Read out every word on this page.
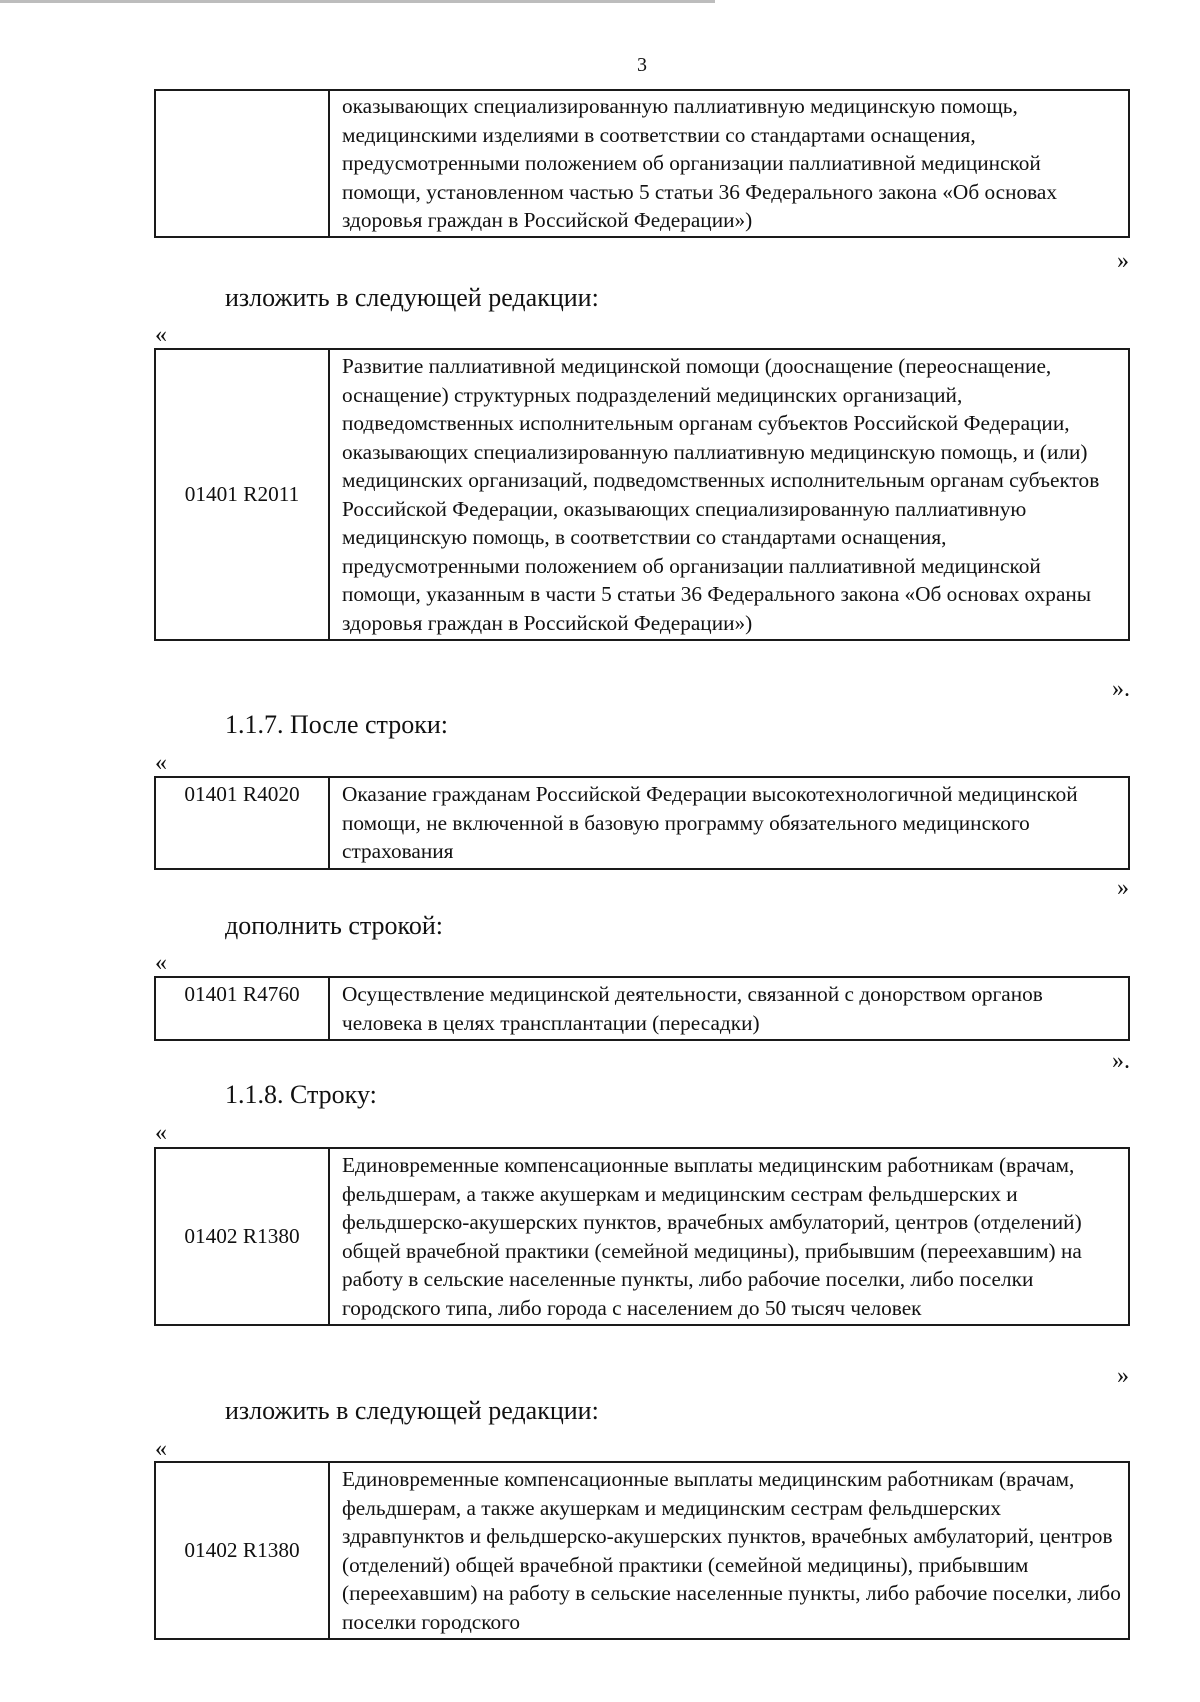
3
	оказывающих специализированную паллиативную медицинскую помощь, медицинскими изделиями в соответствии со стандартами оснащения, предусмотренными положением об организации паллиативной медицинской помощи, установленном частью 5 статьи 36 Федерального закона «Об основах здоровья граждан в Российской Федерации»)
»
изложить в следующей редакции:
«
01401 R2011	Развитие паллиативной медицинской помощи (дооснащение (переоснащение, оснащение) структурных подразделений медицинских организаций, подведомственных исполнительным органам субъектов Российской Федерации, оказывающих специализированную паллиативную медицинскую помощь, и (или) медицинских организаций, подведомственных исполнительным органам субъектов Российской Федерации, оказывающих специализированную паллиативную медицинскую помощь, в соответствии со стандартами оснащения, предусмотренными положением об организации паллиативной медицинской помощи, указанным в части 5 статьи 36 Федерального закона «Об основах охраны здоровья граждан в Российской Федерации»)
».
1.1.7. После строки:
«
01401 R4020	Оказание гражданам Российской Федерации высокотехнологичной медицинской помощи, не включенной в базовую программу обязательного медицинского страхования
»
дополнить строкой:
«
01401 R4760	Осуществление медицинской деятельности, связанной с донорством органов человека в целях трансплантации (пересадки)
».
1.1.8. Строку:
«
01402 R1380	Единовременные компенсационные выплаты медицинским работникам (врачам, фельдшерам, а также акушеркам и медицинским сестрам фельдшерских и фельдшерско-акушерских пунктов, врачебных амбулаторий, центров (отделений) общей врачебной практики (семейной медицины), прибывшим (переехавшим) на работу в сельские населенные пункты, либо рабочие поселки, либо поселки городского типа, либо города с населением до 50 тысяч человек
»
изложить в следующей редакции:
«
01402 R1380	Единовременные компенсационные выплаты медицинским работникам (врачам, фельдшерам, а также акушеркам и медицинским сестрам фельдшерских здравпунктов и фельдшерско-акушерских пунктов, врачебных амбулаторий, центров (отделений) общей врачебной практики (семейной медицины), прибывшим (переехавшим) на работу в сельские населенные пункты, либо рабочие поселки, либо поселки городского
